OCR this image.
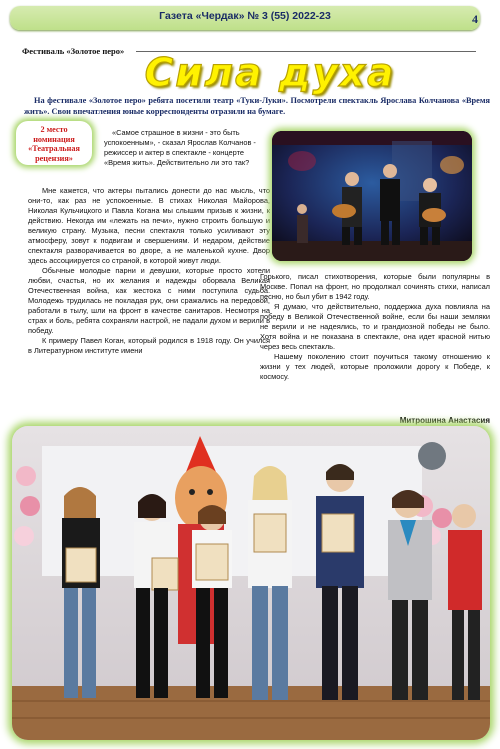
Газета «Чердак» № 3 (55) 2022-23	4
Фестиваль «Золотое перо» Сила духа
На фестивале «Золотое перо» ребята посетили театр «Туки-Луки». Посмотрели спектакль Ярослава Колчанова «Время жить». Свои впечатления юные корреспонденты отразили на бумаге.
2 место
номинация
«Театральная
рецензия»

«Самое страшное в жизни - это быть успокоенным», - сказал Ярослав Колчанов - режиссер и актер в спектакле - концерте «Время жить». Действительно ли это так?

Мне кажется, что актеры пытались донести до нас мысль, что они-то, как раз не успокоенные. В стихах Николая Майорова, Николая Кульчицкого и Павла Когана мы слышим призыв к жизни, к действию. Некогда им «лежать на печи», нужно строить большую и великую страну. Музыка, песни спектакля только усиливают эту атмосферу, зовут к подвигам и свершениям. И недаром, действие спектакля разворачивается во дворе, а не маленькой кухне. Двор здесь ассоциируется со страной, в которой живут люди.

Обычные молодые парни и девушки, которые просто хотели любви, счастья, но их желания и надежды оборвала Великая Отечественная война, как жестока с ними поступила судьба. Молодежь трудилась не покладая рук, они сражались на передовой, работали в тылу, шли на фронт в качестве санитаров. Несмотря на страх и боль, ребята сохраняли настрой, не падали духом и верили в победу.

К примеру Павел Коган, который родился в 1918 году. Он учился в Литературном институте имени

Горького, писал стихотворения, которые были популярны в Москве. Попал на фронт, но продолжал сочинять стихи, написал песню, но был убит в 1942 году.

Я думаю, что действительно, поддержка духа повлияла на победу в Великой Отечественной войне, если бы наши земляки не верили и не надеялись, то и грандиозной победы не было. Хотя война и не показана в спектакле, она идет красной нитью через весь спектакль.

Нашему поколению стоит поучиться такому отношению к жизни у тех людей, которые проложили дорогу к Победе, к космосу.

Митрошина Анастасия
